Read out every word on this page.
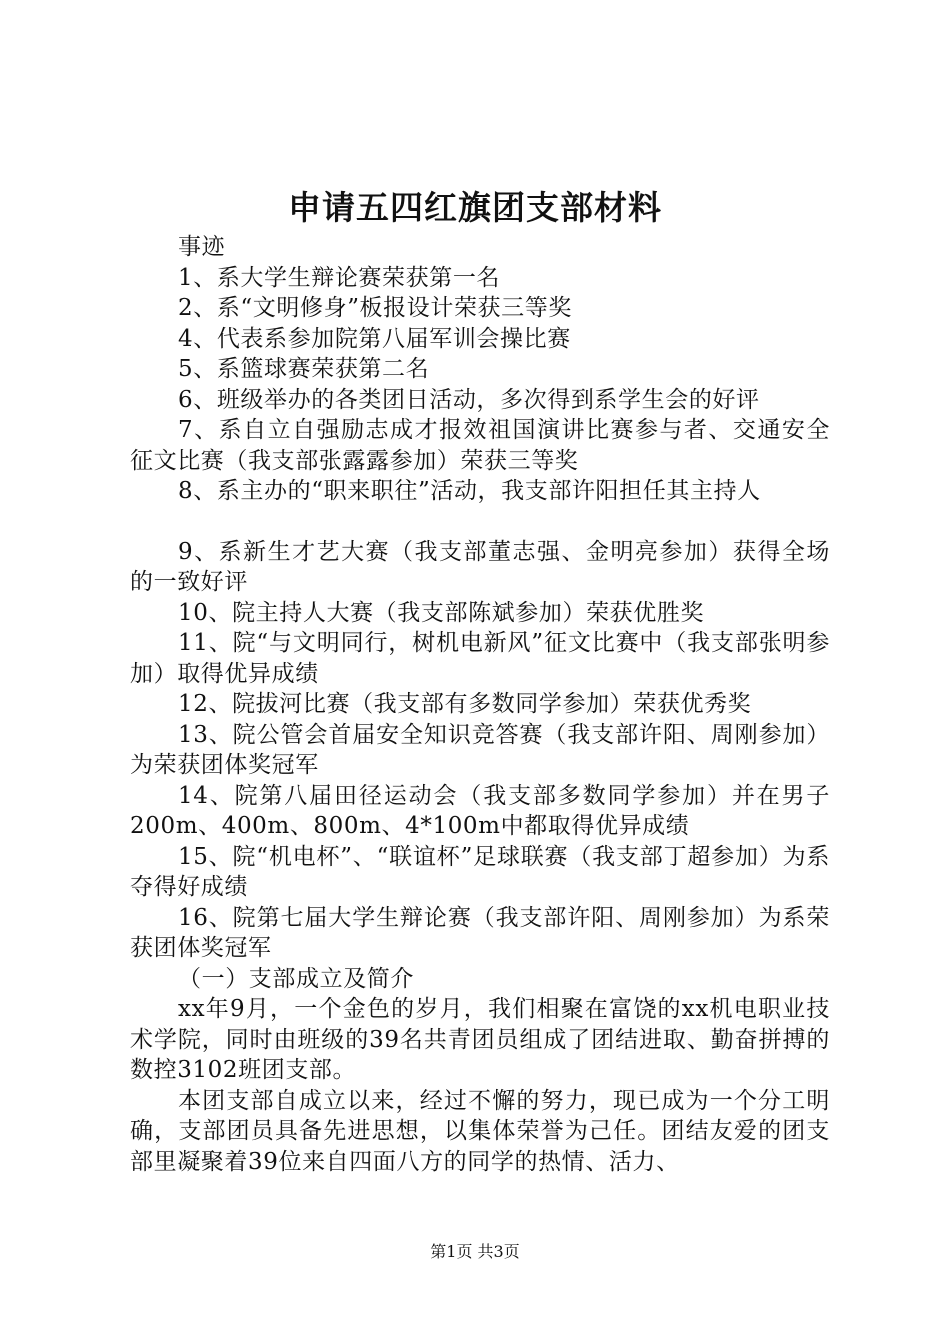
申请五四红旗团支部材料

事迹

1、系大学生辩论赛荣获第一名

2、系“文明修身”板报设计荣获三等奖

4、代表系参加院第八届军训会操比赛

5、系篮球赛荣获第二名

6、班级举办的各类团日活动，多次得到系学生会的好评

7、系自立自强励志成才报效祖国演讲比赛参与者、交通安全征文比赛（我支部张露露参加）荣获三等奖

8、系主办的“职来职往”活动，我支部许阳担任其主持人

9、系新生才艺大赛（我支部董志强、金明亮参加）获得全场的一致好评

10、院主持人大赛（我支部陈斌参加）荣获优胜奖

11、院“与文明同行，树机电新风”征文比赛中（我支部张明参加）取得优异成绩

12、院拔河比赛（我支部有多数同学参加）荣获优秀奖

13、院公管会首届安全知识竞答赛（我支部许阳、周刚参加）为荣获团体奖冠军

14、院第八届田径运动会（我支部多数同学参加）并在男子200m、400m、800m、4*100m中都取得优异成绩

15、院“机电杯”、“联谊杯”足球联赛（我支部丁超参加）为系夺得好成绩

16、院第七届大学生辩论赛（我支部许阳、周刚参加）为系荣获团体奖冠军

（一）支部成立及简介

xx年9月，一个金色的岁月，我们相聚在富饶的xx机电职业技术学院，同时由班级的39名共青团员组成了团结进取、勤奋拼搏的数控3102班团支部。

本团支部自成立以来，经过不懈的努力，现已成为一个分工明确，支部团员具备先进思想，以集体荣誉为己任。团结友爱的团支部里凝聚着39位来自四面八方的同学的热情、活力、

第1页 共3页
